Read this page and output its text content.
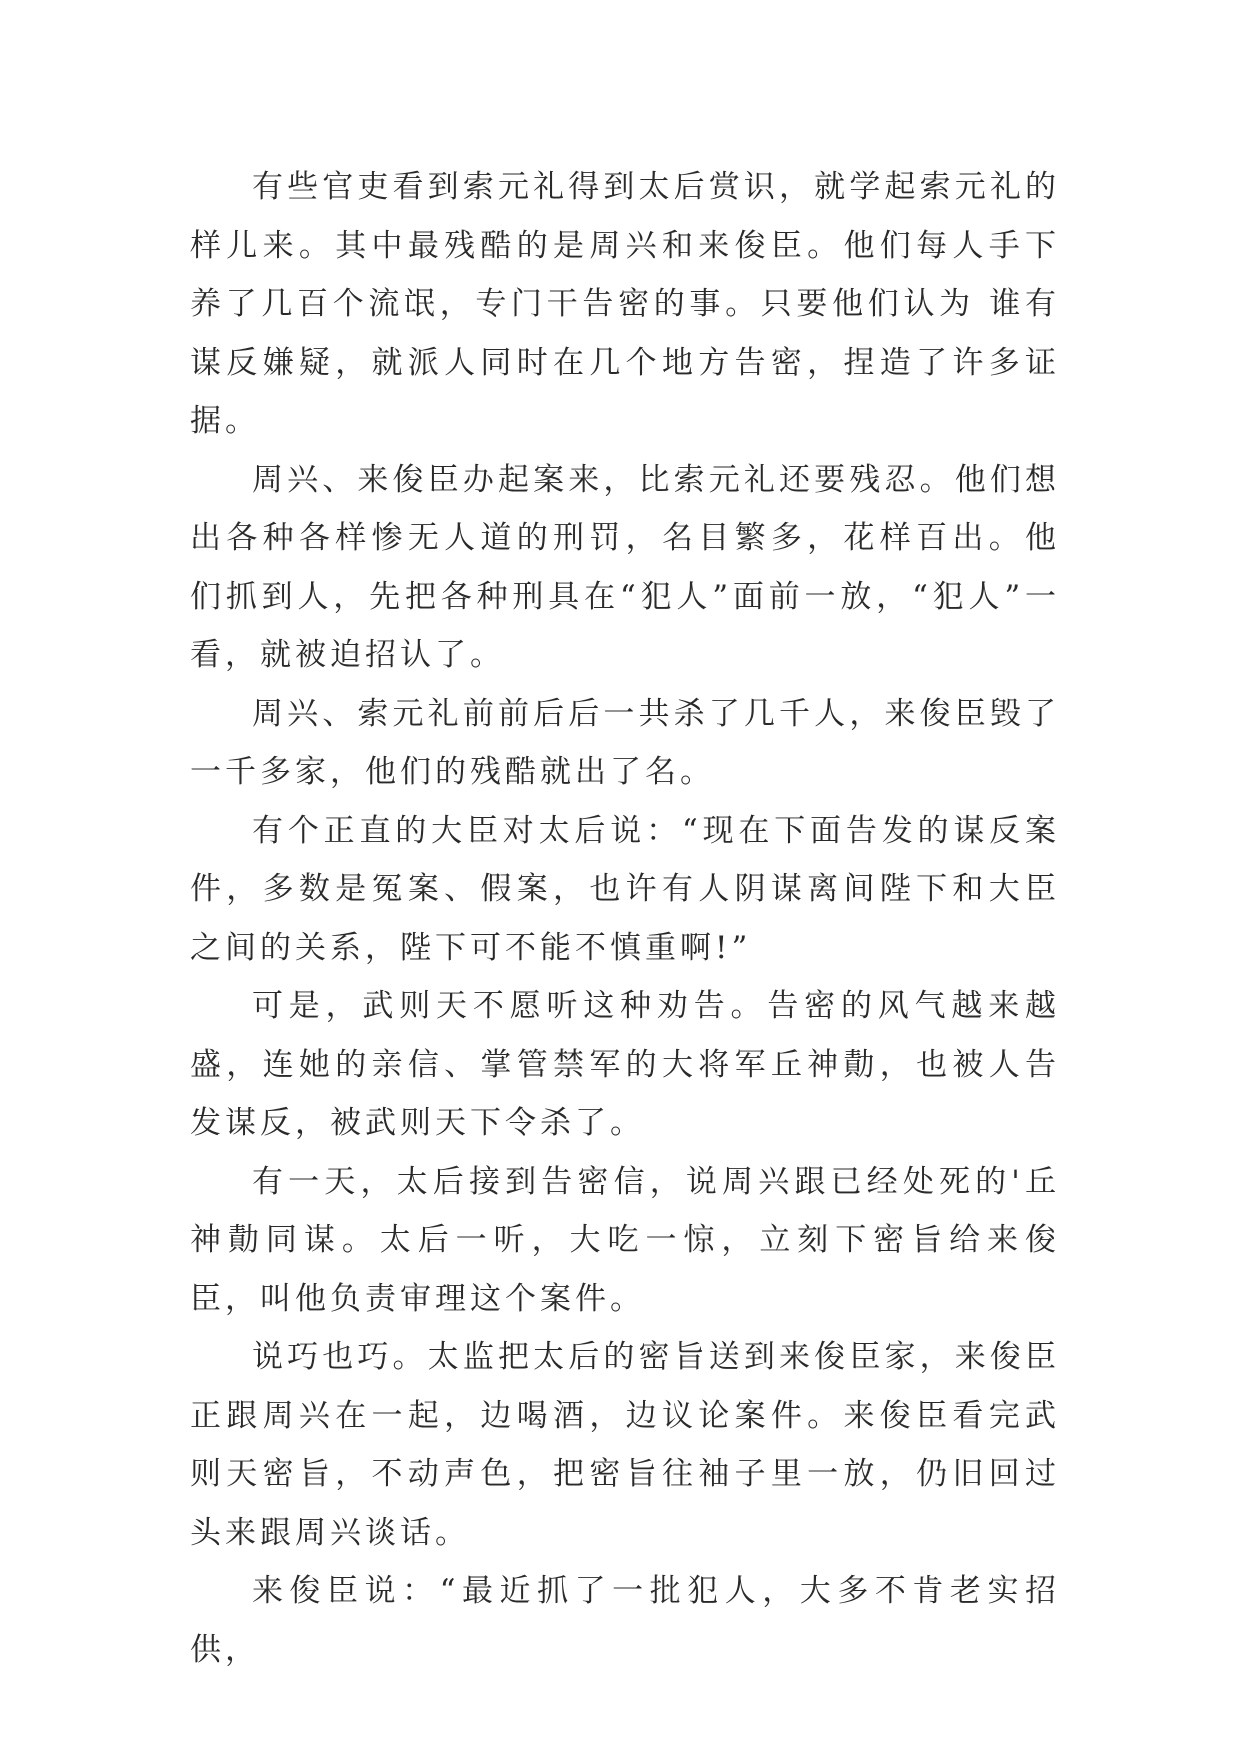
有些官吏看到索元礼得到太后赏识，就学起索元礼的样儿来。其中最残酷的是周兴和来俊臣。他们每人手下养了几百个流氓，专门干告密的事。只要他们认为 谁有谋反嫌疑，就派人同时在几个地方告密，捏造了许多证据。

周兴、来俊臣办起案来，比索元礼还要残忍。他们想出各种各样惨无人道的刑罚，名目繁多，花样百出。他们抓到人，先把各种刑具在“犯人”面前一放，“犯人”一看，就被迫招认了。

周兴、索元礼前前后后一共杀了几千人，来俊臣毁了一千多家，他们的残酷就出了名。

有个正直的大臣对太后说：“现在下面告发的谋反案件，多数是冤案、假案，也许有人阴谋离间陛下和大臣之间的关系，陛下可不能不慎重啊!”

可是，武则天不愿听这种劝告。告密的风气越来越盛，连她的亲信、掌管禁军的大将军丘神勣，也被人告发谋反，被武则天下令杀了。

有一天，太后接到告密信，说周兴跟已经处死的'丘神勣同谋。太后一听，大吃一惊，立刻下密旨给来俊臣，叫他负责审理这个案件。

说巧也巧。太监把太后的密旨送到来俊臣家，来俊臣正跟周兴在一起，边喝酒，边议论案件。来俊臣看完武则天密旨，不动声色，把密旨往袖子里一放，仍旧回过头来跟周兴谈话。

来俊臣说：“最近抓了一批犯人，大多不肯老实招供，
